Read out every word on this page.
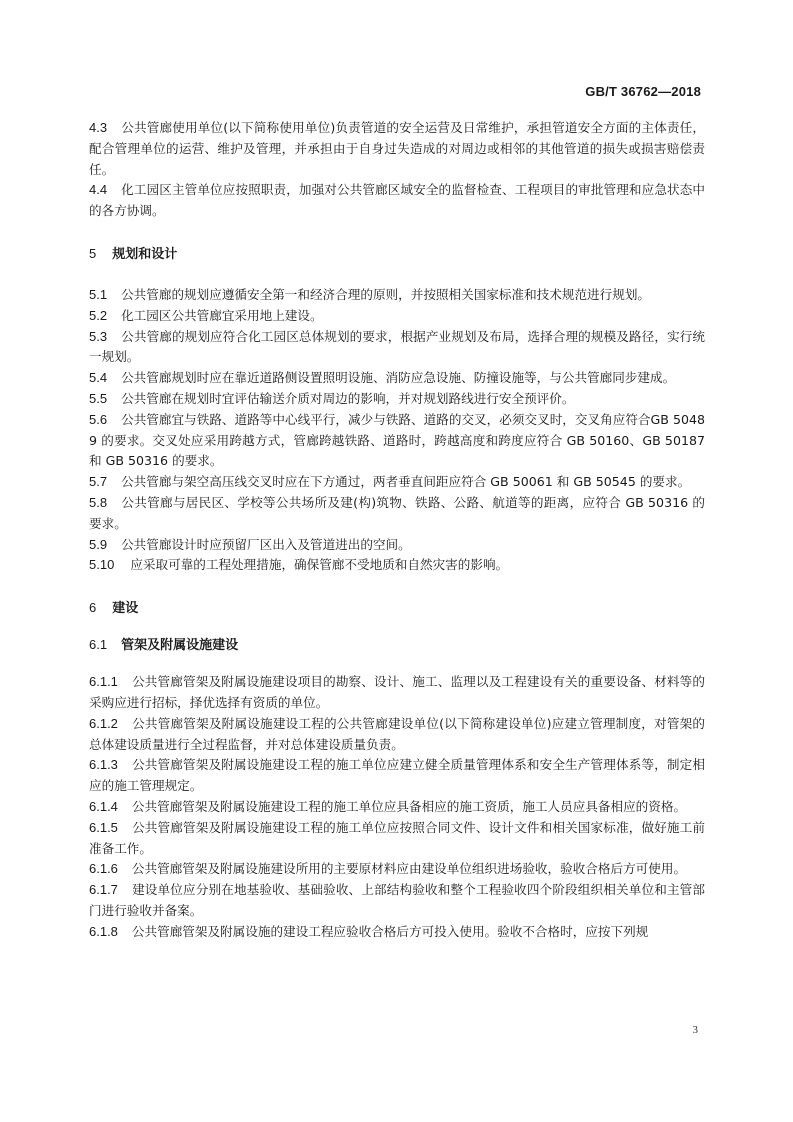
GB/T 36762—2018

4.3 公共管廊使用单位(以下简称使用单位)负责管道的安全运营及日常维护，承担管道安全方面的主体责任，配合管理单位的运营、维护及管理，并承担由于自身过失造成的对周边或相邻的其他管道的损失或损害赔偿责任。

4.4 化工园区主管单位应按照职责，加强对公共管廊区域安全的监督检查、工程项目的审批管理和应急状态中的各方协调。

5 规划和设计

5.1 公共管廊的规划应遵循安全第一和经济合理的原则，并按照相关国家标准和技术规范进行规划。

5.2 化工园区公共管廊宜采用地上建设。

5.3 公共管廊的规划应符合化工园区总体规划的要求，根据产业规划及布局，选择合理的规模及路径，实行统一规划。

5.4 公共管廊规划时应在靠近道路侧设置照明设施、消防应急设施、防撞设施等，与公共管廊同步建成。

5.5 公共管廊在规划时宜评估输送介质对周边的影响，并对规划路线进行安全预评价。

5.6 公共管廊宜与铁路、道路等中心线平行，减少与铁路、道路的交叉，必须交叉时，交叉角应符合GB 50489 的要求。交叉处应采用跨越方式，管廊跨越铁路、道路时，跨越高度和跨度应符合 GB 50160、GB 50187 和 GB 50316 的要求。

5.7 公共管廊与架空高压线交叉时应在下方通过，两者垂直间距应符合 GB 50061 和 GB 50545 的要求。

5.8 公共管廊与居民区、学校等公共场所及建(构)筑物、铁路、公路、航道等的距离，应符合 GB 50316 的要求。

5.9 公共管廊设计时应预留厂区出入及管道进出的空间。

5.10 应采取可靠的工程处理措施，确保管廊不受地质和自然灾害的影响。

6 建设

6.1 管架及附属设施建设

6.1.1 公共管廊管架及附属设施建设项目的勘察、设计、施工、监理以及工程建设有关的重要设备、材料等的采购应进行招标，择优选择有资质的单位。

6.1.2 公共管廊管架及附属设施建设工程的公共管廊建设单位(以下简称建设单位)应建立管理制度，对管架的总体建设质量进行全过程监督，并对总体建设质量负责。

6.1.3 公共管廊管架及附属设施建设工程的施工单位应建立健全质量管理体系和安全生产管理体系等，制定相应的施工管理规定。

6.1.4 公共管廊管架及附属设施建设工程的施工单位应具备相应的施工资质，施工人员应具备相应的资格。

6.1.5 公共管廊管架及附属设施建设工程的施工单位应按照合同文件、设计文件和相关国家标准，做好施工前准备工作。

6.1.6 公共管廊管架及附属设施建设所用的主要原材料应由建设单位组织进场验收，验收合格后方可使用。

6.1.7 建设单位应分别在地基验收、基础验收、上部结构验收和整个工程验收四个阶段组织相关单位和主管部门进行验收并备案。

6.1.8 公共管廊管架及附属设施的建设工程应验收合格后方可投入使用。验收不合格时，应按下列规

3
